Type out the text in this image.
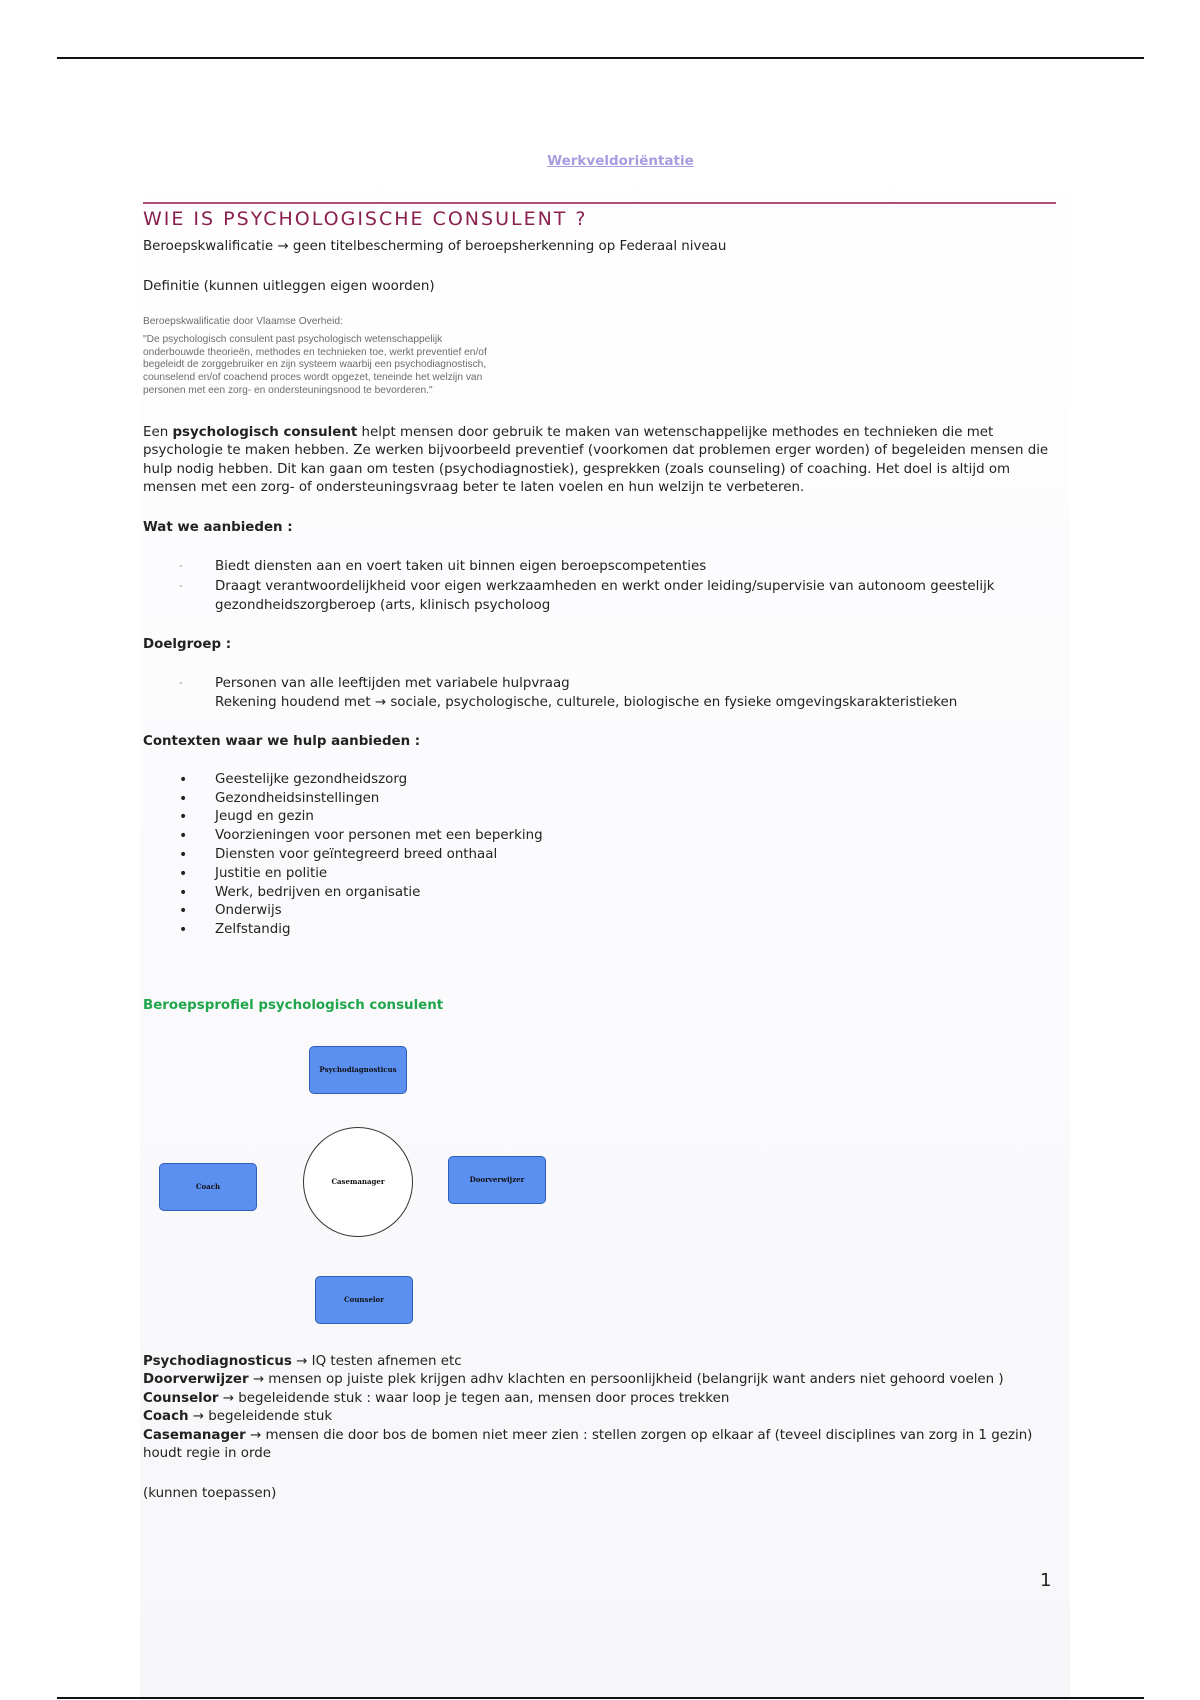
Werkveldoriëntatie

WIE IS PSYCHOLOGISCHE CONSULENT ?

Beroepskwalificatie → geen titelbescherming of beroepsherkenning op Federaal niveau

Definitie (kunnen uitleggen eigen woorden)

Beroepskwalificatie door Vlaamse Overheid:

"De psychologisch consulent past psychologisch wetenschappelijk onderbouwde theorieën, methodes en technieken toe, werkt preventief en/of begeleidt de zorggebruiker en zijn systeem waarbij een psychodiagnostisch, counselend en/of coachend proces wordt opgezet, teneinde het welzijn van personen met een zorg- en ondersteuningsnood te bevorderen."

Een psychologisch consulent helpt mensen door gebruik te maken van wetenschappelijke methodes en technieken die met psychologie te maken hebben. Ze werken bijvoorbeeld preventief (voorkomen dat problemen erger worden) of begeleiden mensen die hulp nodig hebben. Dit kan gaan om testen (psychodiagnostiek), gesprekken (zoals counseling) of coaching. Het doel is altijd om mensen met een zorg- of ondersteuningsvraag beter te laten voelen en hun welzijn te verbeteren.

Wat we aanbieden :

- Biedt diensten aan en voert taken uit binnen eigen beroepscompetenties
- Draagt verantwoordelijkheid voor eigen werkzaamheden en werkt onder leiding/supervisie van autonoom geestelijk gezondheidszorgberoep (arts, klinisch psycholoog

Doelgroep :

- Personen van alle leeftijden met variabele hulpvraag
Rekening houdend met → sociale, psychologische, culturele, biologische en fysieke omgevingskarakteristieken

Contexten waar we hulp aanbieden :

• Geestelijke gezondheidszorg
• Gezondheidsinstellingen
• Jeugd en gezin
• Voorzieningen voor personen met een beperking
• Diensten voor geïntegreerd breed onthaal
• Justitie en politie
• Werk, bedrijven en organisatie
• Onderwijs
• Zelfstandig

Beroepsprofiel psychologisch consulent

Psychodiagnosticus
Coach
Casemanager	Doorverwijzer
Counselor

Psychodiagnosticus → IQ testen afnemen etc

Doorverwijzer → mensen op juiste plek krijgen adhv klachten en persoonlijkheid (belangrijk want anders niet gehoord voelen )

Counselor → begeleidende stuk : waar loop je tegen aan, mensen door proces trekken

Coach → begeleidende stuk

Casemanager → mensen die door bos de bomen niet meer zien : stellen zorgen op elkaar af (teveel disciplines van zorg in 1 gezin) houdt regie in orde

(kunnen toepassen)

1
